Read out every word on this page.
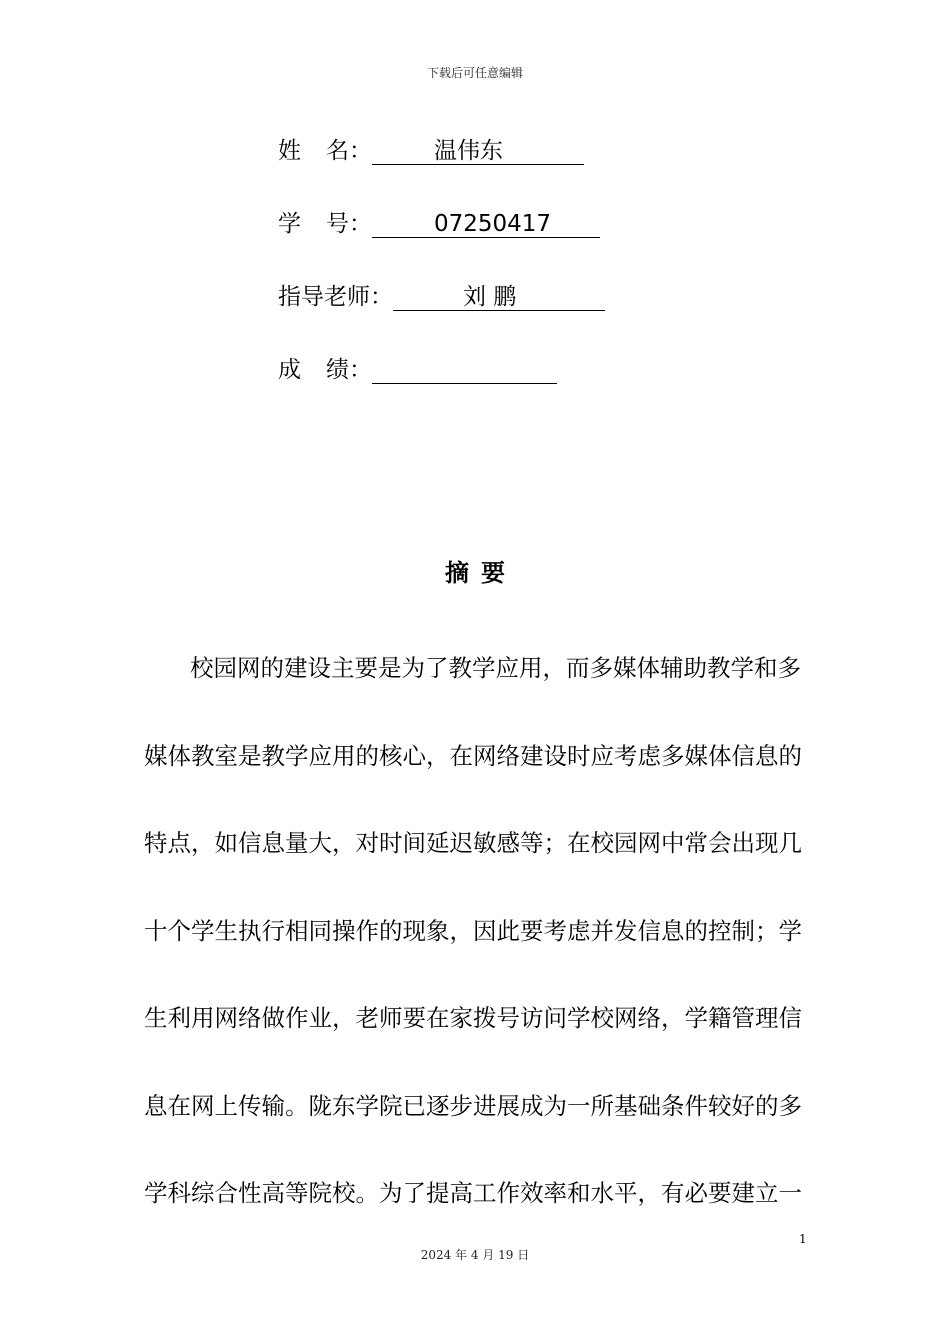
下载后可任意编辑
姓 名：	温伟东
学 号：	07250417
指导老师：	刘 鹏
成 绩：
摘要
校园网的建设主要是为了教学应用，而多媒体辅助教学和多
媒体教室是教学应用的核心，在网络建设时应考虑多媒体信息的
特点，如信息量大，对时间延迟敏感等；在校园网中常会出现几
十个学生执行相同操作的现象，因此要考虑并发信息的控制；学
生利用网络做作业，老师要在家拨号访问学校网络，学籍管理信
息在网上传输。陇东学院已逐步进展成为一所基础条件较好的多
学科综合性高等院校。为了提高工作效率和水平，有必要建立一
1
2024 年 4 月 19 日
